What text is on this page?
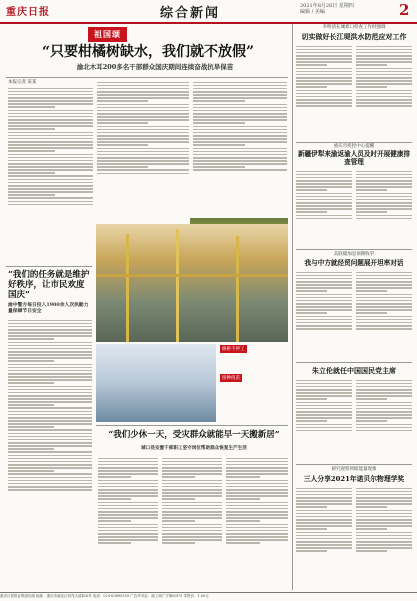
重庆日报	综合新闻	2021年8月26日 星期四
编辑 / 美编	2
祖国颂
“只要柑橘树缺水，我们就不放假”
渝北木耳200多名干部群众国庆期间连续奋战抗旱保苗
本报记者 某某
“我们的任务就是维护好秩序，让市民欢度国庆”
渝中警方每日投入1900余人次执勤力量保障节日安全
修桥不停工
接种疫苗
“我们少休一天，受灾群众就能早一天搬新居”
城口县安置干部职工坚守岗位帮助群众恢复生产生活
李明清在城郊口检查工作时强调
切实做好长江堤洪水防范应对工作
重庆市疾控中心提醒
新疆伊犁来渝返渝人员及时开展健康排查管理
美联储加息预期收窄
我与中方就经贸问题展开坦率对话
朱立伦就任中国国民党主席
研究观察到暗能量现象
三人分享2021年诺贝尔物理学奖
重庆日报报业集团出版 地址：重庆市渝北区同茂大道416号 电话：023-63895559 广告许可证：渝工商广字第001号 零售价：1.00元
